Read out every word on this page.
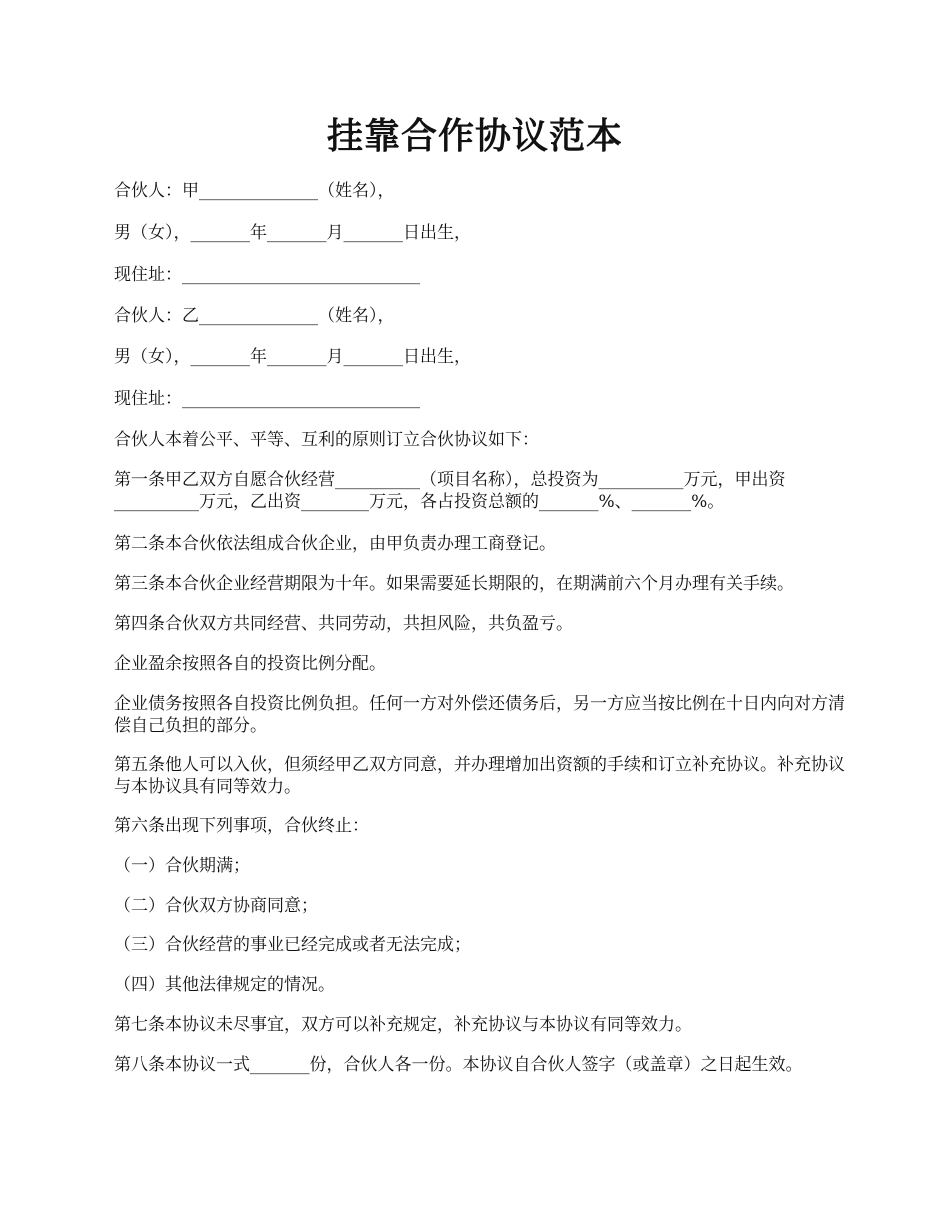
挂靠合作协议范本

合伙人：甲______________（姓名），

男（女），_______年_______月_______日出生，

现住址：____________________________

合伙人：乙______________（姓名），

男（女），_______年_______月_______日出生，

现住址：____________________________

合伙人本着公平、平等、互利的原则订立合伙协议如下：

第一条甲乙双方自愿合伙经营__________（项目名称），总投资为__________万元，甲出资__________万元，乙出资________万元，各占投资总额的_______%、_______%。

第二条本合伙依法组成合伙企业，由甲负责办理工商登记。

第三条本合伙企业经营期限为十年。如果需要延长期限的，在期满前六个月办理有关手续。

第四条合伙双方共同经营、共同劳动，共担风险，共负盈亏。

企业盈余按照各自的投资比例分配。

企业债务按照各自投资比例负担。任何一方对外偿还债务后，另一方应当按比例在十日内向对方清偿自己负担的部分。

第五条他人可以入伙，但须经甲乙双方同意，并办理增加出资额的手续和订立补充协议。补充协议与本协议具有同等效力。

第六条出现下列事项，合伙终止：

（一）合伙期满；

（二）合伙双方协商同意；

（三）合伙经营的事业已经完成或者无法完成；

（四）其他法律规定的情况。

第七条本协议未尽事宜，双方可以补充规定，补充协议与本协议有同等效力。

第八条本协议一式_______份，合伙人各一份。本协议自合伙人签字（或盖章）之日起生效。
